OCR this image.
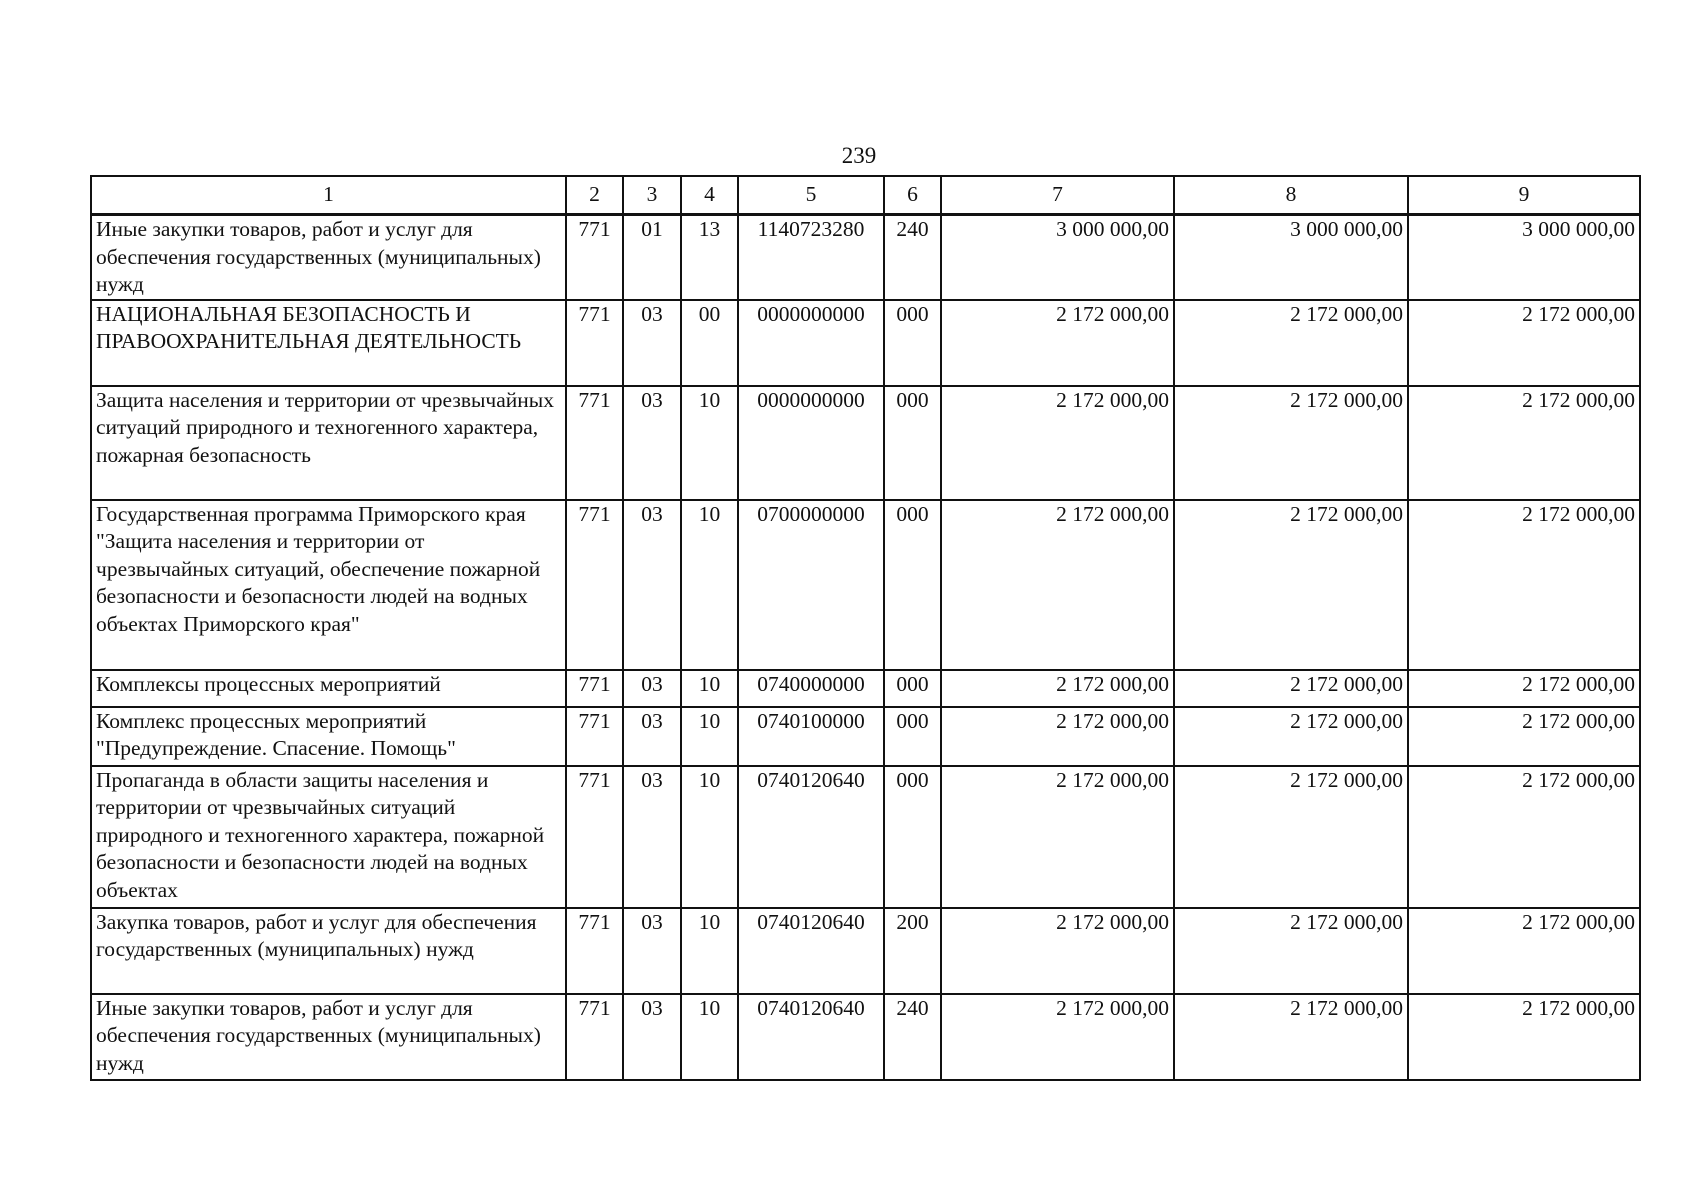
239
1	2	3	4	5	6	7	8	9
Иные закупки товаров, работ и услуг для обеспечения государственных (муниципальных) нужд	771	01	13	1140723280	240	3 000 000,00	3 000 000,00	3 000 000,00
НАЦИОНАЛЬНАЯ БЕЗОПАСНОСТЬ И ПРАВООХРАНИТЕЛЬНАЯ ДЕЯТЕЛЬНОСТЬ	771	03	00	0000000000	000	2 172 000,00	2 172 000,00	2 172 000,00
Защита населения и территории от чрезвычайных ситуаций природного и техногенного характера, пожарная безопасность	771	03	10	0000000000	000	2 172 000,00	2 172 000,00	2 172 000,00
Государственная программа Приморского края "Защита населения и территории от чрезвычайных ситуаций, обеспечение пожарной безопасности и безопасности людей на водных объектах Приморского края"	771	03	10	0700000000	000	2 172 000,00	2 172 000,00	2 172 000,00
Комплексы процессных мероприятий	771	03	10	0740000000	000	2 172 000,00	2 172 000,00	2 172 000,00
Комплекс процессных мероприятий "Предупреждение. Спасение. Помощь"	771	03	10	0740100000	000	2 172 000,00	2 172 000,00	2 172 000,00
Пропаганда в области защиты населения и территории от чрезвычайных ситуаций природного и техногенного характера, пожарной безопасности и безопасности людей на водных объектах	771	03	10	0740120640	000	2 172 000,00	2 172 000,00	2 172 000,00
Закупка товаров, работ и услуг для обеспечения государственных (муниципальных) нужд	771	03	10	0740120640	200	2 172 000,00	2 172 000,00	2 172 000,00
Иные закупки товаров, работ и услуг для обеспечения государственных (муниципальных) нужд	771	03	10	0740120640	240	2 172 000,00	2 172 000,00	2 172 000,00
